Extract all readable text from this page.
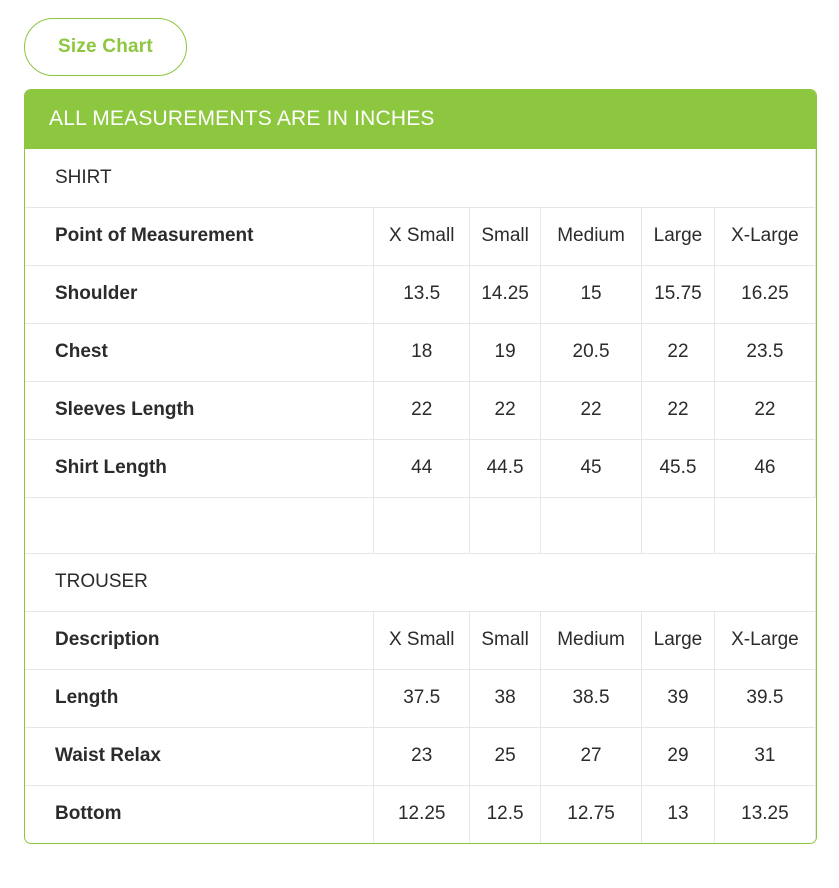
Size Chart
ALL MEASUREMENTS ARE IN INCHES
SHIRT					
Point of Measurement	X Small	Small	Medium	Large	X-Large
Shoulder	13.5	14.25	15	15.75	16.25
Chest	18	19	20.5	22	23.5
Sleeves Length	22	22	22	22	22
Shirt Length	44	44.5	45	45.5	46

TROUSER					
Description	X Small	Small	Medium	Large	X-Large
Length	37.5	38	38.5	39	39.5
Waist Relax	23	25	27	29	31
Bottom	12.25	12.5	12.75	13	13.25
